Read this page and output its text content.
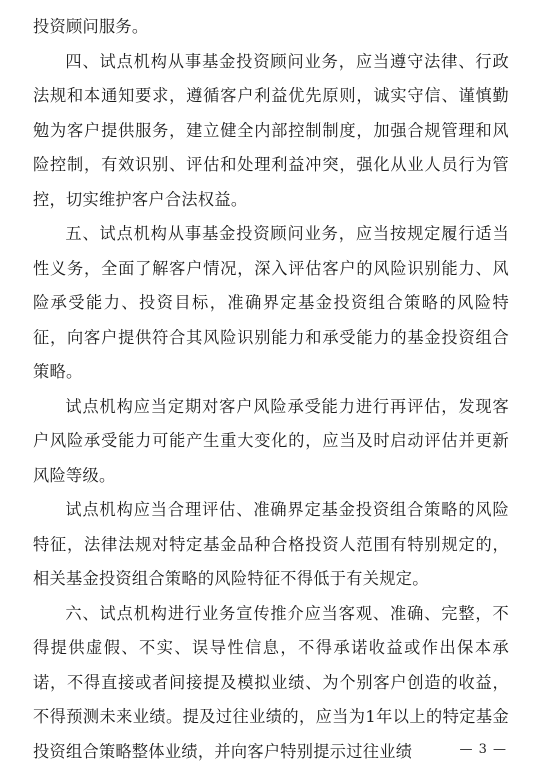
投资顾问服务。

四、试点机构从事基金投资顾问业务，应当遵守法律、行政法规和本通知要求，遵循客户利益优先原则，诚实守信、谨慎勤勉为客户提供服务，建立健全内部控制制度，加强合规管理和风险控制，有效识别、评估和处理利益冲突，强化从业人员行为管控，切实维护客户合法权益。

五、试点机构从事基金投资顾问业务，应当按规定履行适当性义务，全面了解客户情况，深入评估客户的风险识别能力、风险承受能力、投资目标，准确界定基金投资组合策略的风险特征，向客户提供符合其风险识别能力和承受能力的基金投资组合策略。

试点机构应当定期对客户风险承受能力进行再评估，发现客户风险承受能力可能产生重大变化的，应当及时启动评估并更新风险等级。

试点机构应当合理评估、准确界定基金投资组合策略的风险特征，法律法规对特定基金品种合格投资人范围有特别规定的，相关基金投资组合策略的风险特征不得低于有关规定。

六、试点机构进行业务宣传推介应当客观、准确、完整，不得提供虚假、不实、误导性信息，不得承诺收益或作出保本承诺，不得直接或者间接提及模拟业绩、为个别客户创造的收益，不得预测未来业绩。提及过往业绩的，应当为1年以上的特定基金投资组合策略整体业绩，并向客户特别提示过往业绩	— 3 —
